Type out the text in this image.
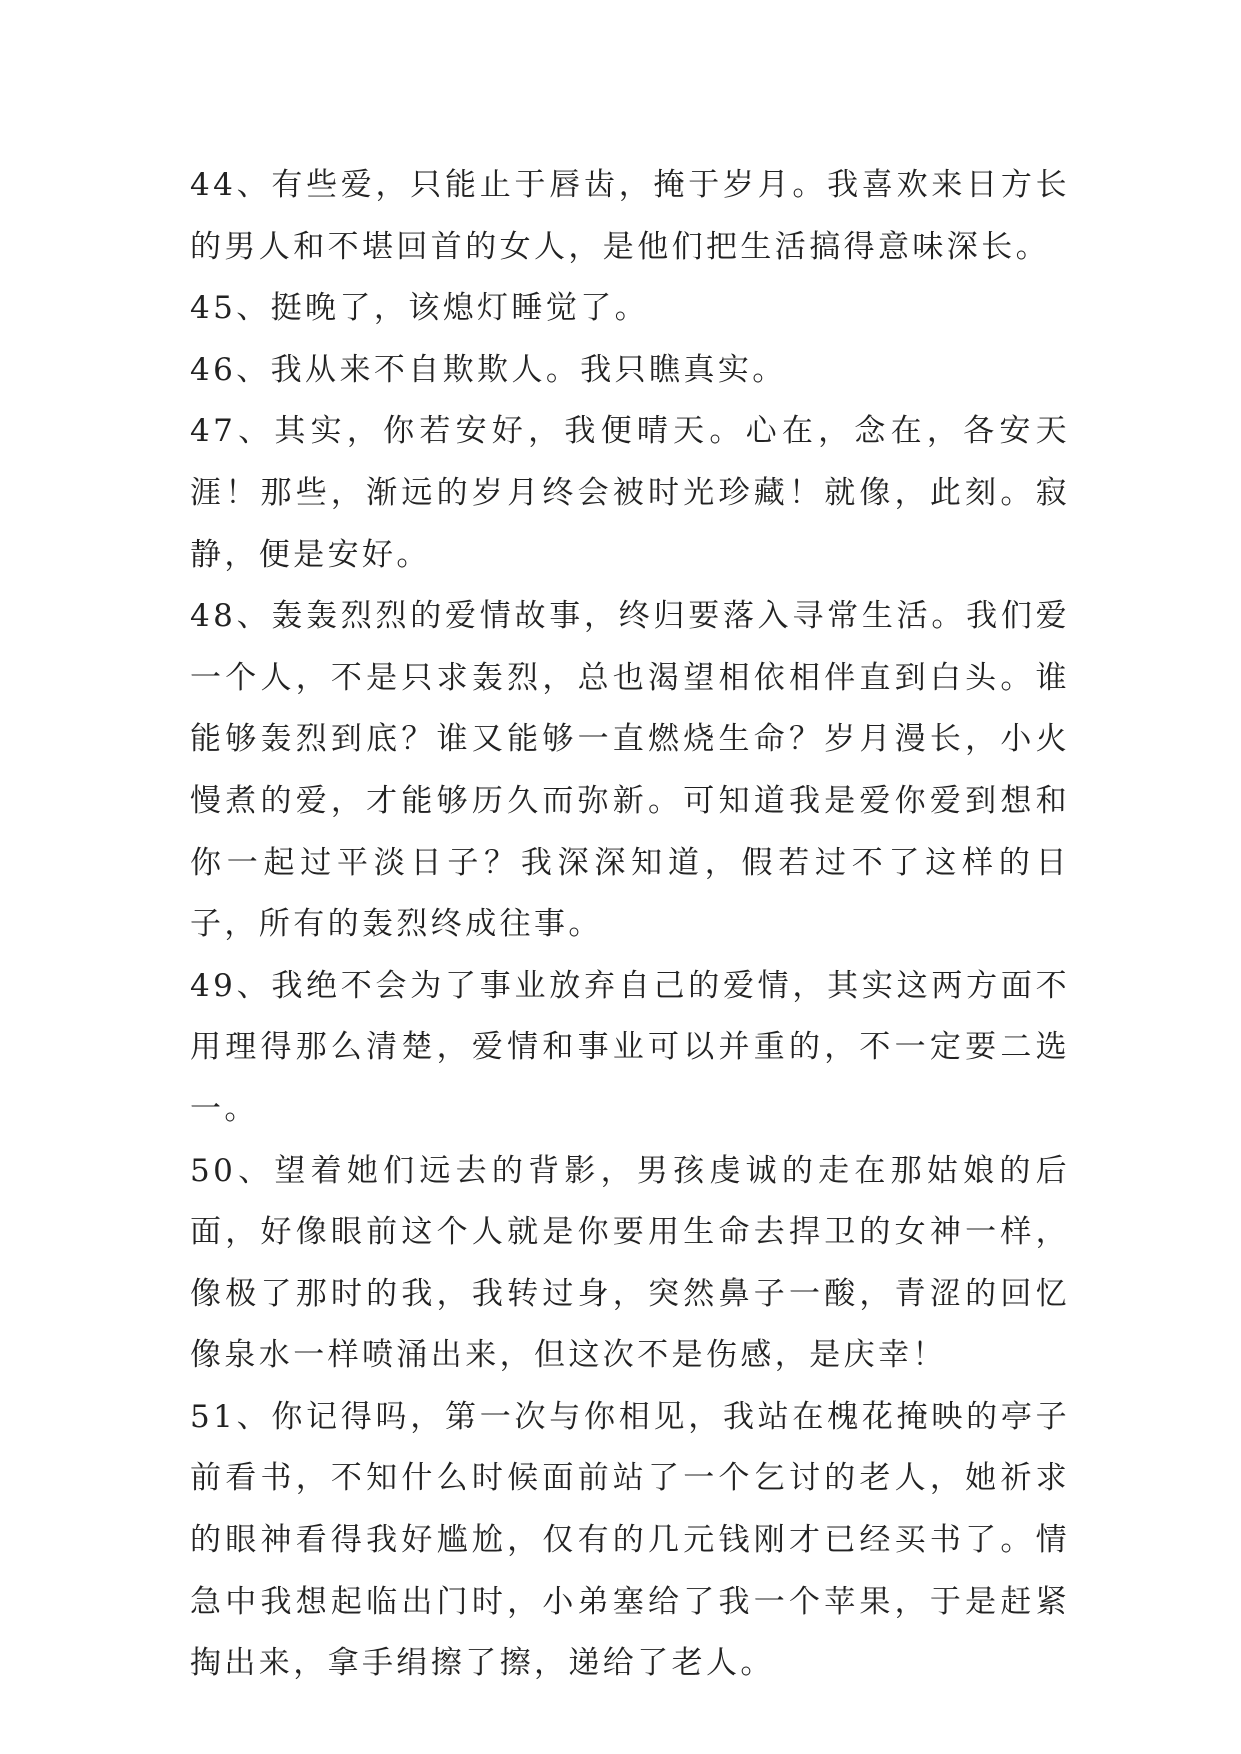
44、有些爱，只能止于唇齿，掩于岁月。我喜欢来日方长的男人和不堪回首的女人，是他们把生活搞得意味深长。

45、挺晚了，该熄灯睡觉了。

46、我从来不自欺欺人。我只瞧真实。

47、其实，你若安好，我便晴天。心在，念在，各安天涯！那些，渐远的岁月终会被时光珍藏！就像，此刻。寂静，便是安好。

48、轰轰烈烈的爱情故事，终归要落入寻常生活。我们爱一个人，不是只求轰烈，总也渴望相依相伴直到白头。谁能够轰烈到底？谁又能够一直燃烧生命？岁月漫长，小火慢煮的爱，才能够历久而弥新。可知道我是爱你爱到想和你一起过平淡日子？我深深知道，假若过不了这样的日子，所有的轰烈终成往事。

49、我绝不会为了事业放弃自己的爱情，其实这两方面不用理得那么清楚，爱情和事业可以并重的，不一定要二选一。

50、望着她们远去的背影，男孩虔诚的走在那姑娘的后面，好像眼前这个人就是你要用生命去捍卫的女神一样，像极了那时的我，我转过身，突然鼻子一酸，青涩的回忆像泉水一样喷涌出来，但这次不是伤感，是庆幸！

51、你记得吗，第一次与你相见，我站在槐花掩映的亭子前看书，不知什么时候面前站了一个乞讨的老人，她祈求的眼神看得我好尴尬，仅有的几元钱刚才已经买书了。情急中我想起临出门时，小弟塞给了我一个苹果，于是赶紧掏出来，拿手绢擦了擦，递给了老人。
